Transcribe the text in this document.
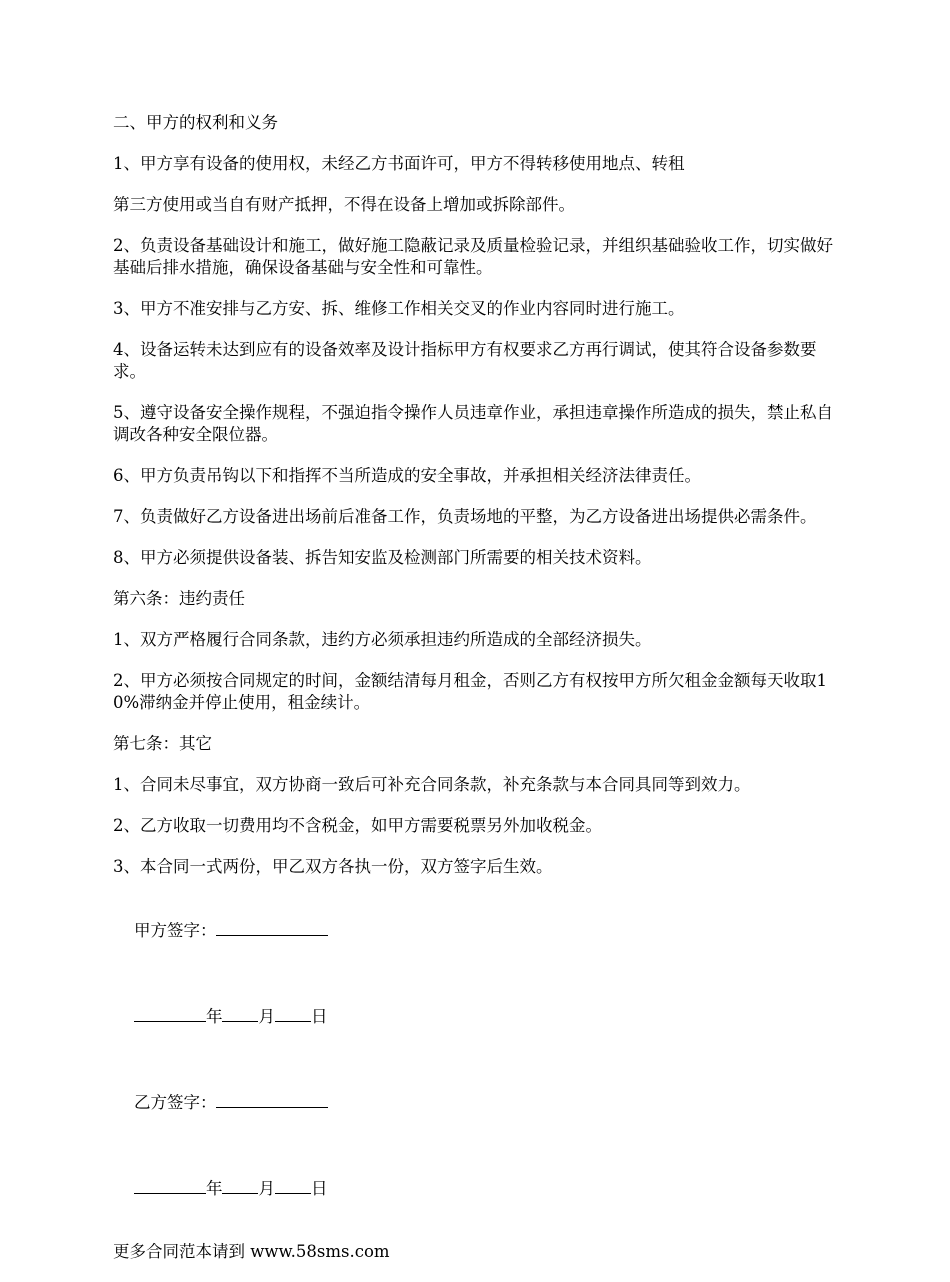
二、甲方的权利和义务

1、甲方享有设备的使用权，未经乙方书面许可，甲方不得转移使用地点、转租

第三方使用或当自有财产抵押，不得在设备上增加或拆除部件。

2、负责设备基础设计和施工，做好施工隐蔽记录及质量检验记录，并组织基础验收工作，切实做好基础后排水措施，确保设备基础与安全性和可靠性。

3、甲方不准安排与乙方安、拆、维修工作相关交叉的作业内容同时进行施工。

4、设备运转未达到应有的设备效率及设计指标甲方有权要求乙方再行调试，使其符合设备参数要求。

5、遵守设备安全操作规程，不强迫指令操作人员违章作业，承担违章操作所造成的损失，禁止私自调改各种安全限位器。

6、甲方负责吊钩以下和指挥不当所造成的安全事故，并承担相关经济法律责任。

7、负责做好乙方设备进出场前后准备工作，负责场地的平整，为乙方设备进出场提供必需条件。

8、甲方必须提供设备装、拆告知安监及检测部门所需要的相关技术资料。

第六条：违约责任

1、双方严格履行合同条款，违约方必须承担违约所造成的全部经济损失。

2、甲方必须按合同规定的时间，金额结清每月租金，否则乙方有权按甲方所欠租金金额每天收取10%滞纳金并停止使用，租金续计。

第七条：其它

1、合同未尽事宜，双方协商一致后可补充合同条款，补充条款与本合同具同等到效力。

2、乙方收取一切费用均不含税金，如甲方需要税票另外加收税金。

3、本合同一式两份，甲乙双方各执一份，双方签字后生效。

甲方签字：

年 月 日

乙方签字：

年 月 日

更多合同范本请到 www.58sms.com
